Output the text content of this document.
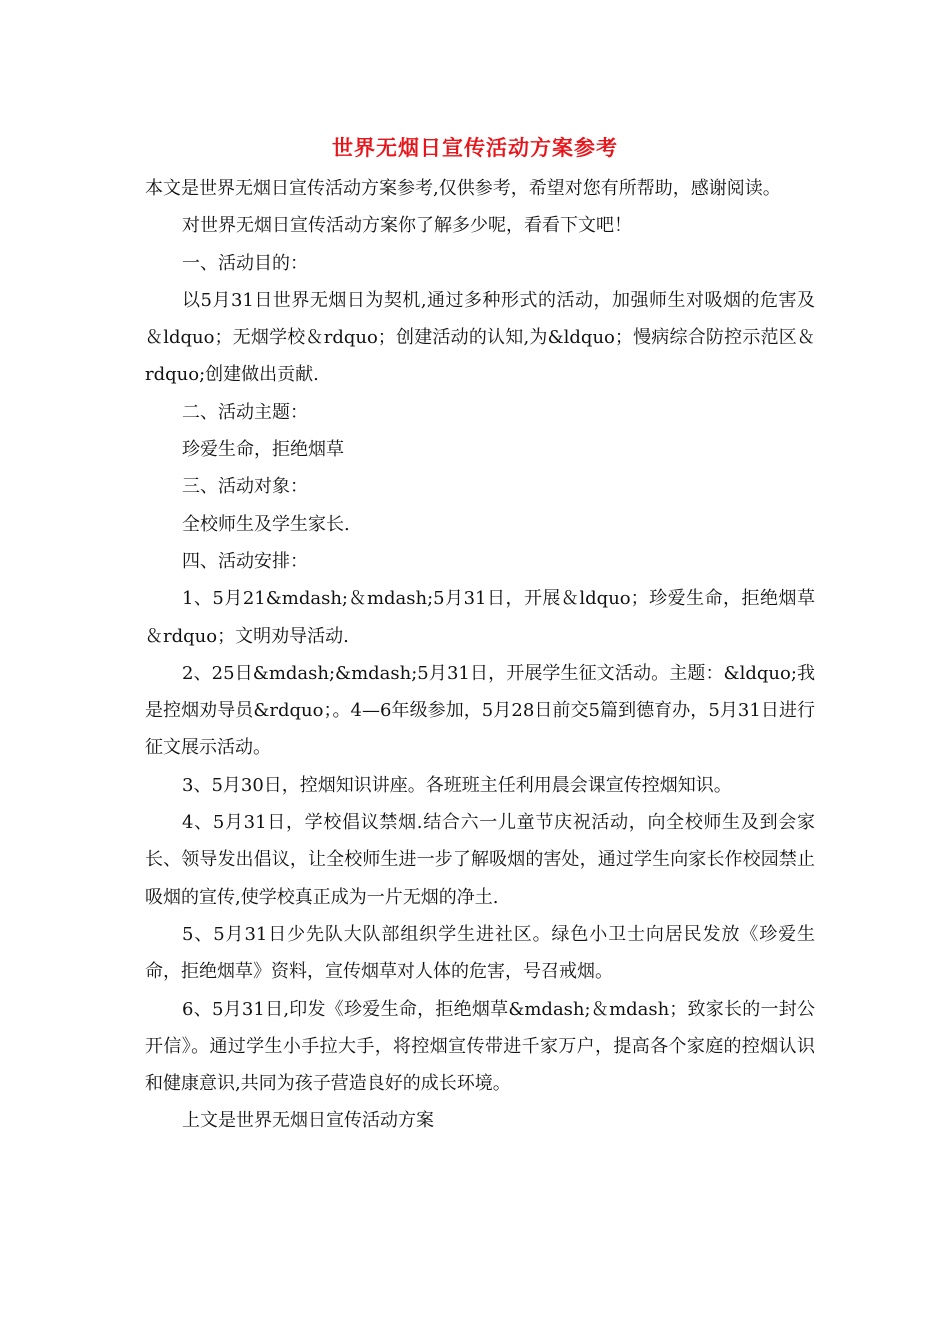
世界无烟日宣传活动方案参考

本文是世界无烟日宣传活动方案参考,仅供参考，希望对您有所帮助，感谢阅读。

对世界无烟日宣传活动方案你了解多少呢，看看下文吧！

一、活动目的：

以5月31日世界无烟日为契机,通过多种形式的活动，加强师生对吸烟的危害及＆ldquo；无烟学校＆rdquo；创建活动的认知,为&ldquo；慢病综合防控示范区＆rdquo;创建做出贡献.

二、活动主题：

珍爱生命，拒绝烟草

三、活动对象：

全校师生及学生家长.

四、活动安排：

1、5月21&mdash;＆mdash;5月31日，开展＆ldquo；珍爱生命，拒绝烟草＆rdquo；文明劝导活动.

2、25日&mdash;&mdash;5月31日，开展学生征文活动。主题：&ldquo;我是控烟劝导员&rdquo；。4—6年级参加，5月28日前交5篇到德育办，5月31日进行征文展示活动。

3、5月30日，控烟知识讲座。各班班主任利用晨会课宣传控烟知识。

4、5月31日，学校倡议禁烟.结合六一儿童节庆祝活动，向全校师生及到会家长、领导发出倡议，让全校师生进一步了解吸烟的害处，通过学生向家长作校园禁止吸烟的宣传,使学校真正成为一片无烟的净土.

5、5月31日少先队大队部组织学生进社区。绿色小卫士向居民发放《珍爱生命，拒绝烟草》资料，宣传烟草对人体的危害，号召戒烟。

6、5月31日,印发《珍爱生命，拒绝烟草&mdash;＆mdash；致家长的一封公开信》。通过学生小手拉大手，将控烟宣传带进千家万户，提高各个家庭的控烟认识和健康意识,共同为孩子营造良好的成长环境。

上文是世界无烟日宣传活动方案
